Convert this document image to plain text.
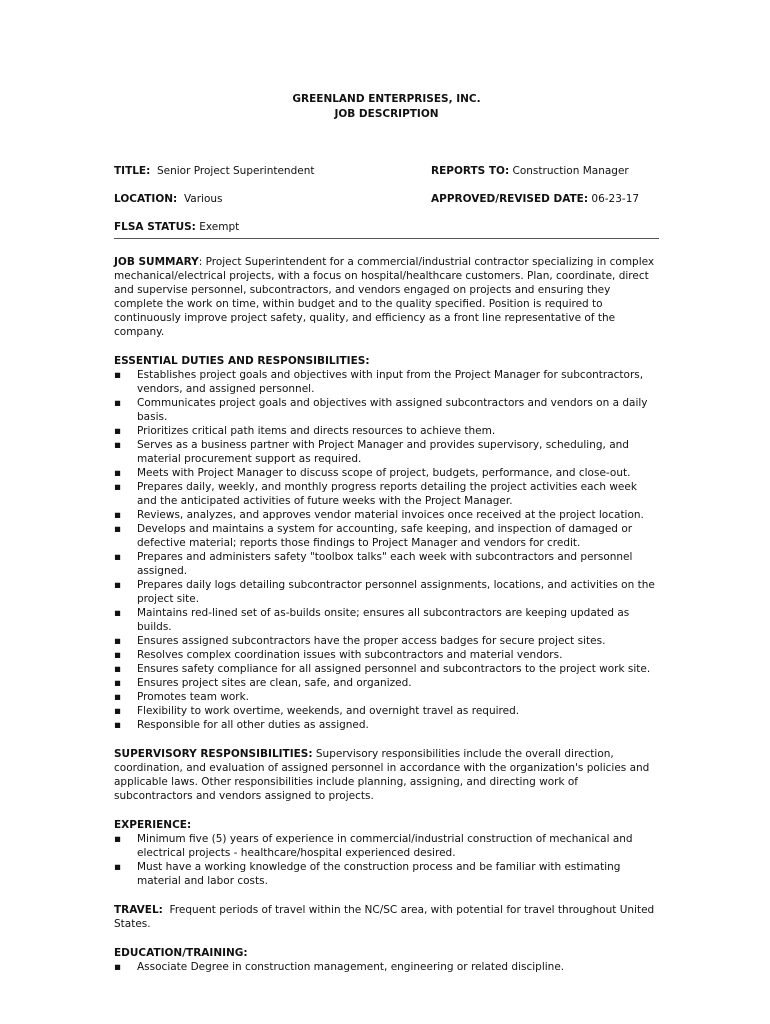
GREENLAND ENTERPRISES, INC.
JOB DESCRIPTION
TITLE: Senior Project Superintendent	REPORTS TO: Construction Manager
LOCATION: Various	APPROVED/REVISED DATE: 06-23-17
FLSA STATUS: Exempt

JOB SUMMARY: Project Superintendent for a commercial/industrial contractor specializing in complex mechanical/electrical projects, with a focus on hospital/healthcare customers. Plan, coordinate, direct and supervise personnel, subcontractors, and vendors engaged on projects and ensuring they complete the work on time, within budget and to the quality specified. Position is required to continuously improve project safety, quality, and efficiency as a front line representative of the company.

ESSENTIAL DUTIES AND RESPONSIBILITIES:
▪ Establishes project goals and objectives with input from the Project Manager for subcontractors, vendors, and assigned personnel.
▪ Communicates project goals and objectives with assigned subcontractors and vendors on a daily basis.
▪ Prioritizes critical path items and directs resources to achieve them.
▪ Serves as a business partner with Project Manager and provides supervisory, scheduling, and material procurement support as required.
▪ Meets with Project Manager to discuss scope of project, budgets, performance, and close-out.
▪ Prepares daily, weekly, and monthly progress reports detailing the project activities each week and the anticipated activities of future weeks with the Project Manager.
▪ Reviews, analyzes, and approves vendor material invoices once received at the project location.
▪ Develops and maintains a system for accounting, safe keeping, and inspection of damaged or defective material; reports those findings to Project Manager and vendors for credit.
▪ Prepares and administers safety "toolbox talks" each week with subcontractors and personnel assigned.
▪ Prepares daily logs detailing subcontractor personnel assignments, locations, and activities on the project site.
▪ Maintains red-lined set of as-builds onsite; ensures all subcontractors are keeping updated as builds.
▪ Ensures assigned subcontractors have the proper access badges for secure project sites.
▪ Resolves complex coordination issues with subcontractors and material vendors.
▪ Ensures safety compliance for all assigned personnel and subcontractors to the project work site.
▪ Ensures project sites are clean, safe, and organized.
▪ Promotes team work.
▪ Flexibility to work overtime, weekends, and overnight travel as required.
▪ Responsible for all other duties as assigned.

SUPERVISORY RESPONSIBILITIES: Supervisory responsibilities include the overall direction, coordination, and evaluation of assigned personnel in accordance with the organization's policies and applicable laws. Other responsibilities include planning, assigning, and directing work of subcontractors and vendors assigned to projects.

EXPERIENCE:
▪ Minimum five (5) years of experience in commercial/industrial construction of mechanical and electrical projects - healthcare/hospital experienced desired.
▪ Must have a working knowledge of the construction process and be familiar with estimating material and labor costs.

TRAVEL: Frequent periods of travel within the NC/SC area, with potential for travel throughout United States.

EDUCATION/TRAINING:
▪ Associate Degree in construction management, engineering or related discipline.
